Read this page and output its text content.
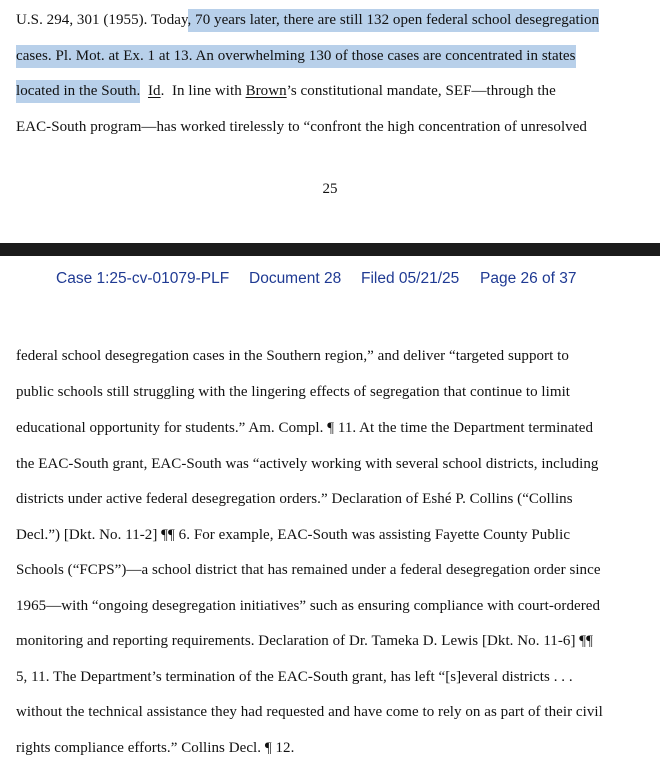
U.S. 294, 301 (1955). Today, 70 years later, there are still 132 open federal school desegregation
cases. Pl. Mot. at Ex. 1 at 13. An overwhelming 130 of those cases are concentrated in states
located in the South. Id.  In line with Brown’s constitutional mandate, SEF—through the
EAC-South program—has worked tirelessly to “confront the high concentration of unresolved
25
Case 1:25-cv-01079-PLF Document 28 Filed 05/21/25 Page 26 of 37
federal school desegregation cases in the Southern region,” and deliver “targeted support to
public schools still struggling with the lingering effects of segregation that continue to limit
educational opportunity for students.” Am. Compl. ¶ 11. At the time the Department terminated
the EAC-South grant, EAC-South was “actively working with several school districts, including
districts under active federal desegregation orders.” Declaration of Eshé P. Collins (“Collins
Decl.”) [Dkt. No. 11-2] ¶¶ 6. For example, EAC-South was assisting Fayette County Public
Schools (“FCPS”)—a school district that has remained under a federal desegregation order since
1965—with “ongoing desegregation initiatives” such as ensuring compliance with court-ordered
monitoring and reporting requirements. Declaration of Dr. Tameka D. Lewis [Dkt. No. 11-6] ¶¶
5, 11. The Department’s termination of the EAC-South grant, has left “[s]everal districts . . .
without the technical assistance they had requested and have come to rely on as part of their civil
rights compliance efforts.” Collins Decl. ¶ 12.
